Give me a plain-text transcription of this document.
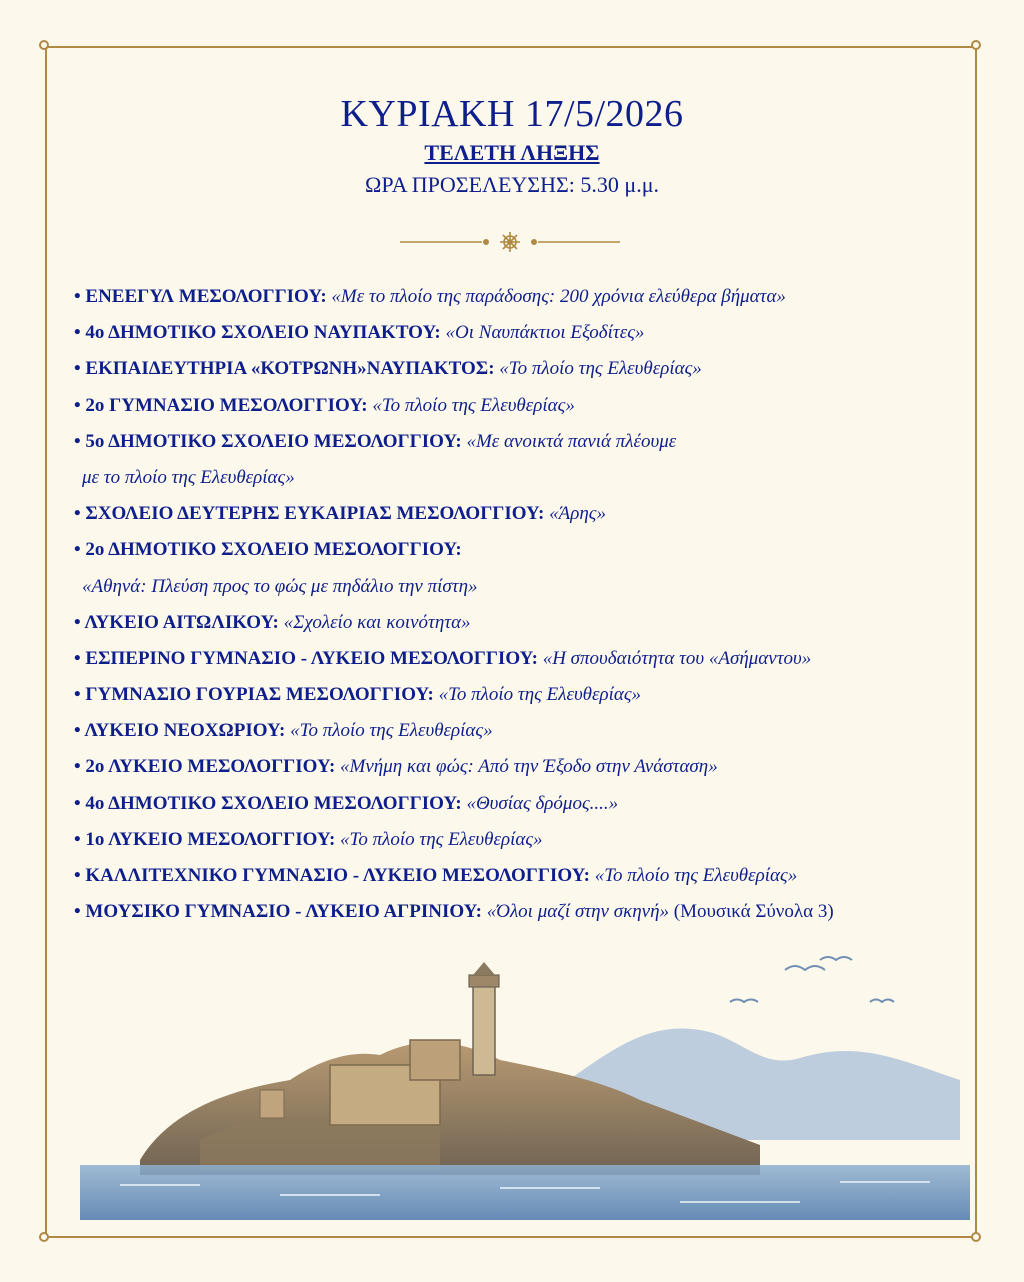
ΚΥΡΙΑΚΗ 17/5/2026
ΤΕΛΕΤΗ ΛΗΞΗΣ
ΩΡΑ ΠΡΟΣΕΛΕΥΣΗΣ: 5.30 μ.μ.
• ΕΝΕΕΓΥΛ ΜΕΣΟΛΟΓΓΙΟΥ: «Με το πλοίο της παράδοσης: 200 χρόνια ελεύθερα βήματα»
• 4ο ΔΗΜΟΤΙΚΟ ΣΧΟΛΕΙΟ ΝΑΥΠΑΚΤΟΥ: «Οι Ναυπάκτιοι Εξοδίτες»
• ΕΚΠΑΙΔΕΥΤΗΡΙΑ «ΚΟΤΡΩΝΗ»ΝΑΥΠΑΚΤΟΣ: «Το πλοίο της Ελευθερίας»
• 2ο ΓΥΜΝΑΣΙΟ ΜΕΣΟΛΟΓΓΙΟΥ: «Το πλοίο της Ελευθερίας»
• 5ο ΔΗΜΟΤΙΚΟ ΣΧΟΛΕΙΟ ΜΕΣΟΛΟΓΓΙΟΥ: «Με ανοικτά πανιά πλέουμε
με το πλοίο της Ελευθερίας»
• ΣΧΟΛΕΙΟ ΔΕΥΤΕΡΗΣ ΕΥΚΑΙΡΙΑΣ ΜΕΣΟΛΟΓΓΙΟΥ: «Άρης»
• 2ο ΔΗΜΟΤΙΚΟ ΣΧΟΛΕΙΟ ΜΕΣΟΛΟΓΓΙΟΥ:
«Αθηνά: Πλεύση προς το φώς με πηδάλιο την πίστη»
• ΛΥΚΕΙΟ ΑΙΤΩΛΙΚΟΥ: «Σχολείο και κοινότητα»
• ΕΣΠΕΡΙΝΟ ΓΥΜΝΑΣΙΟ - ΛΥΚΕΙΟ ΜΕΣΟΛΟΓΓΙΟΥ: «Η σπουδαιότητα του «Ασήμαντου»
• ΓΥΜΝΑΣΙΟ ΓΟΥΡΙΑΣ ΜΕΣΟΛΟΓΓΙΟΥ: «Το πλοίο της Ελευθερίας»
• ΛΥΚΕΙΟ ΝΕΟΧΩΡΙΟΥ: «Το πλοίο της Ελευθερίας»
• 2ο ΛΥΚΕΙΟ ΜΕΣΟΛΟΓΓΙΟΥ: «Μνήμη και φώς: Από την Έξοδο στην Ανάσταση»
• 4ο ΔΗΜΟΤΙΚΟ ΣΧΟΛΕΙΟ ΜΕΣΟΛΟΓΓΙΟΥ: «Θυσίας δρόμος....»
• 1ο ΛΥΚΕΙΟ ΜΕΣΟΛΟΓΓΙΟΥ: «Το πλοίο της Ελευθερίας»
• ΚΑΛΛΙΤΕΧΝΙΚΟ ΓΥΜΝΑΣΙΟ - ΛΥΚΕΙΟ ΜΕΣΟΛΟΓΓΙΟΥ: «Το πλοίο της Ελευθερίας»
• ΜΟΥΣΙΚΟ ΓΥΜΝΑΣΙΟ - ΛΥΚΕΙΟ ΑΓΡΙΝΙΟΥ: «Όλοι μαζί στην σκηνή» (Μουσικά Σύνολα 3)
